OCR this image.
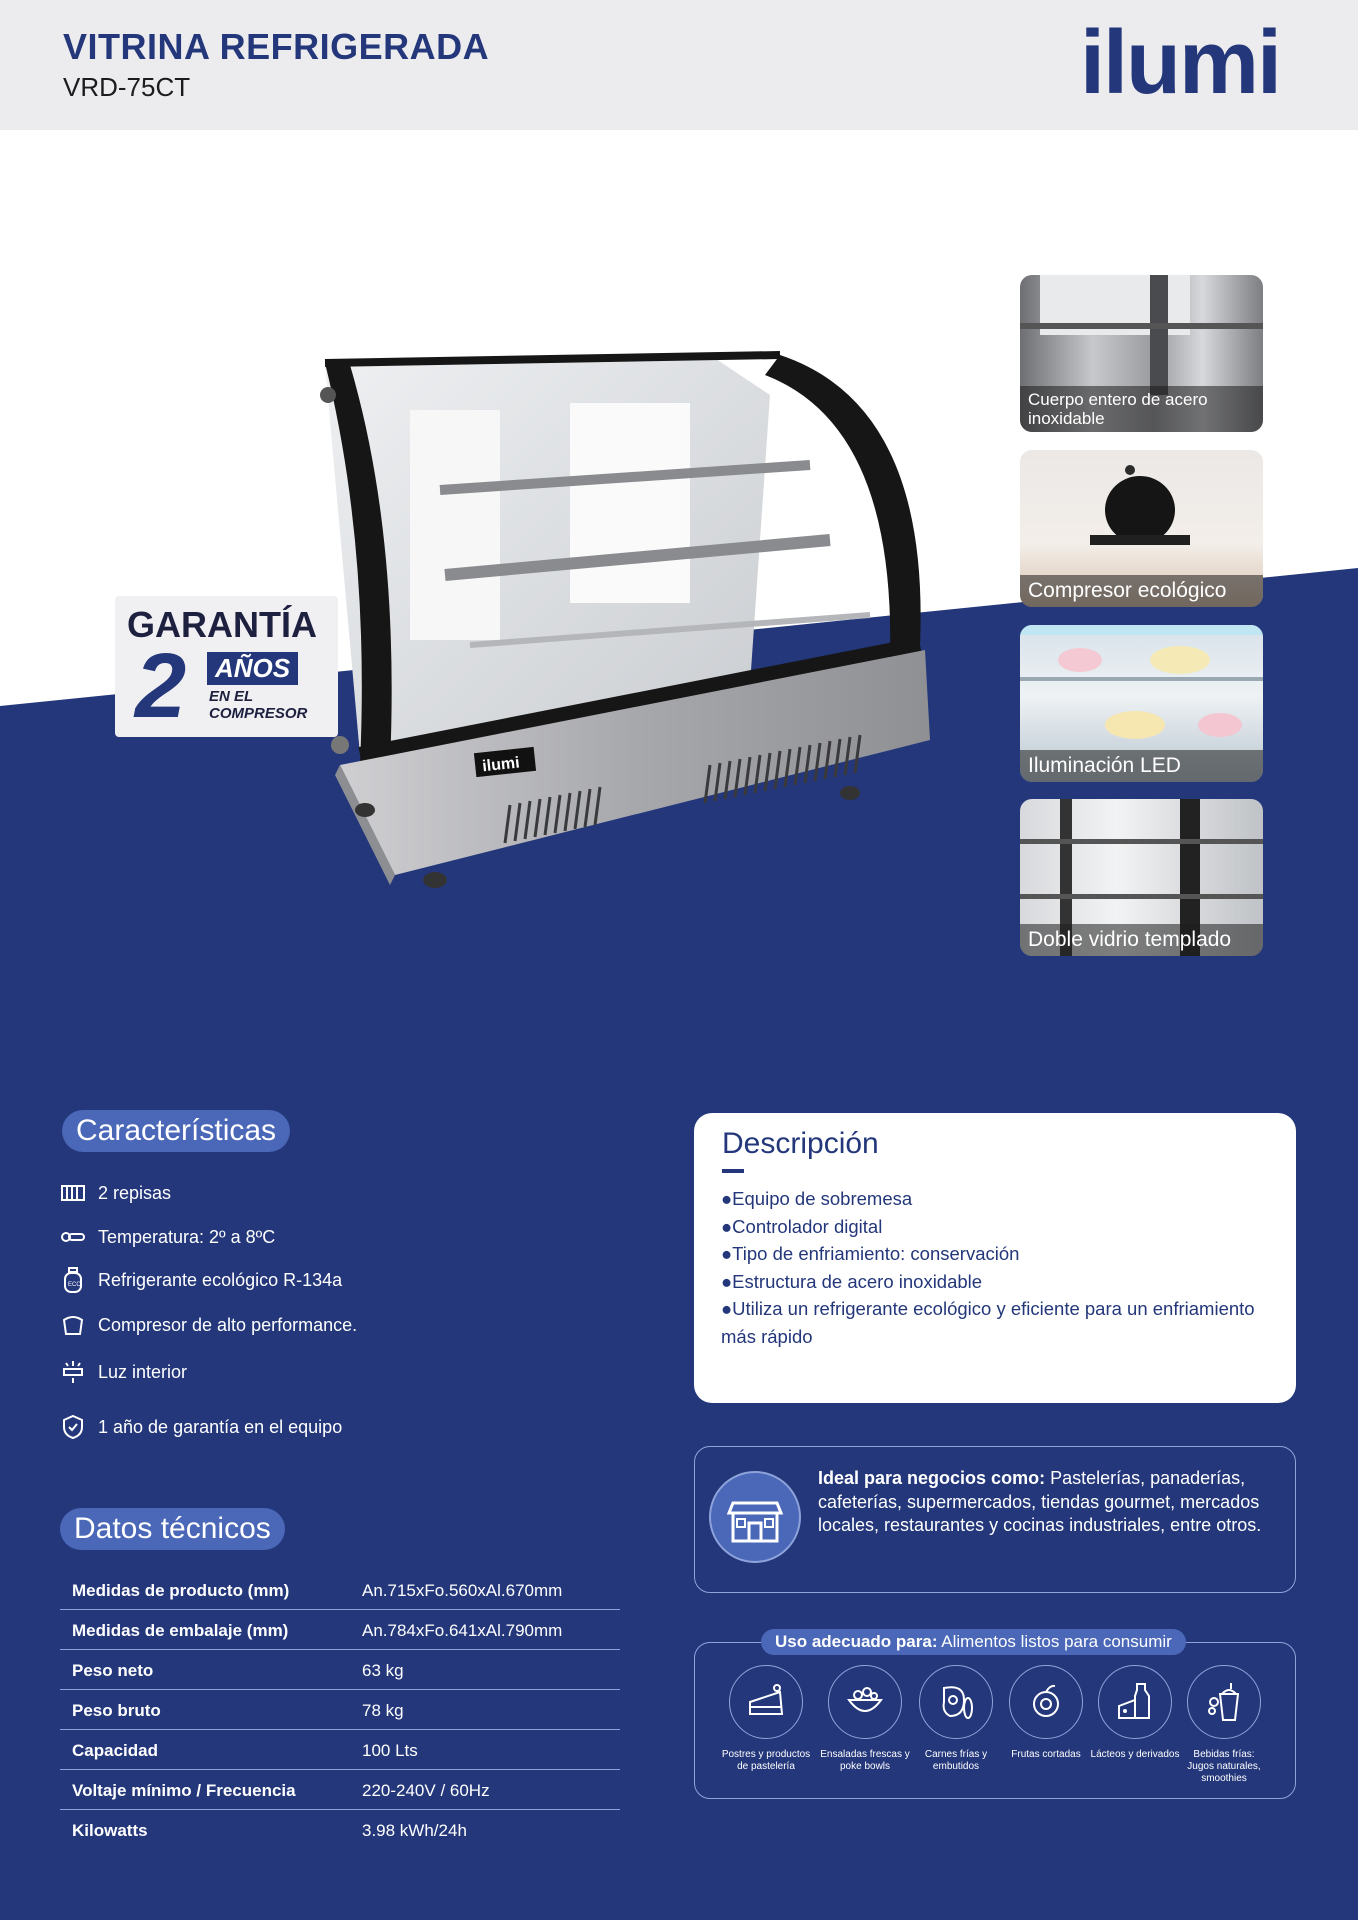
VITRINA REFRIGERADA
VRD-75CT	ilumi
ilumi
GARANTÍA
2	AÑOS
EN EL
COMPRESOR
Cuerpo entero de acero inoxidable
Compresor ecológico
Iluminación LED
Doble vidrio templado
Características
2 repisas
Temperatura: 2º a 8ºC
ECO Refrigerante ecológico R-134a
Compresor de alto performance.
Luz interior
1 año de garantía en el equipo
Datos técnicos
Medidas de producto (mm)	An.715xFo.560xAl.670mm
Medidas de embalaje (mm)	An.784xFo.641xAl.790mm
Peso neto	63 kg
Peso bruto	78 kg
Capacidad	100 Lts
Voltaje mínimo / Frecuencia	220-240V / 60Hz
Kilowatts	3.98 kWh/24h
Descripción
●Equipo de sobremesa
●Controlador digital
●Tipo de enfriamiento: conservación
●Estructura de acero inoxidable
●Utiliza un refrigerante ecológico y eficiente para un enfriamiento más rápido
Ideal para negocios como: Pastelerías, panaderías, cafeterías, supermercados, tiendas gourmet, mercados locales, restaurantes y cocinas industriales, entre otros.
Uso adecuado para: Alimentos listos para consumir
Postres y productos de pastelería
Ensaladas frescas y poke bowls
Carnes frías y embutidos
Frutas cortadas Lácteos y derivados	Bebidas frías: Jugos naturales, smoothies
